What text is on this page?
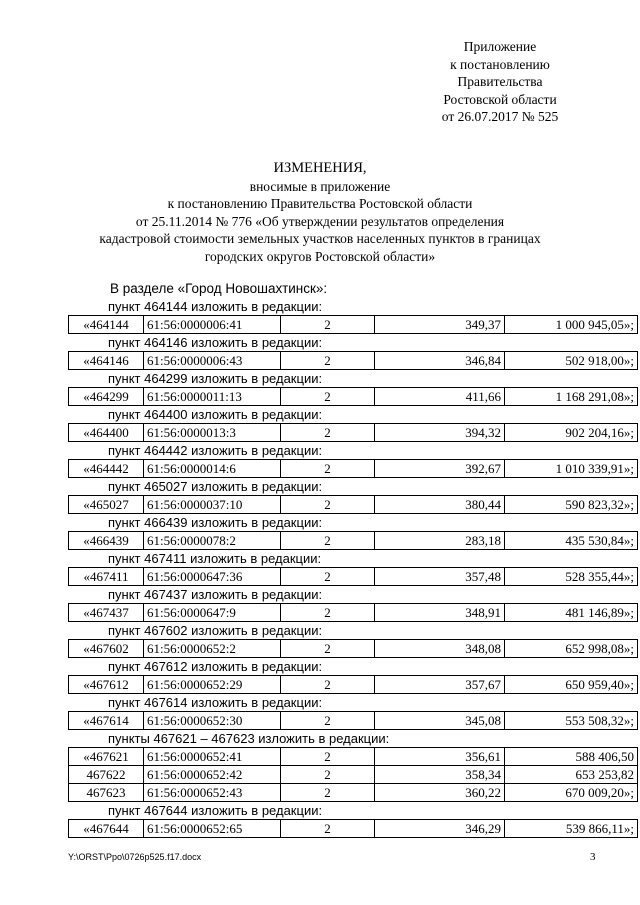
Приложение
к постановлению
Правительства
Ростовской области
от 26.07.2017 № 525
ИЗМЕНЕНИЯ,
вносимые в приложение
к постановлению Правительства Ростовской области
от 25.11.2014 № 776 «Об утверждении результатов определения
кадастровой стоимости земельных участков населенных пунктов в границах
городских округов Ростовской области»
В разделе «Город Новошахтинск»:
пункт 464144 изложить в редакции:
«464144	61:56:0000006:41	2	349,37	1 000 945,05»;
пункт 464146 изложить в редакции:
«464146	61:56:0000006:43	2	346,84	502 918,00»;
пункт 464299 изложить в редакции:
«464299	61:56:0000011:13	2	411,66	1 168 291,08»;
пункт 464400 изложить в редакции:
«464400	61:56:0000013:3	2	394,32	902 204,16»;
пункт 464442 изложить в редакции:
«464442	61:56:0000014:6	2	392,67	1 010 339,91»;
пункт 465027 изложить в редакции:
«465027	61:56:0000037:10	2	380,44	590 823,32»;
пункт 466439 изложить в редакции:
«466439	61:56:0000078:2	2	283,18	435 530,84»;
пункт 467411 изложить в редакции:
«467411	61:56:0000647:36	2	357,48	528 355,44»;
пункт 467437 изложить в редакции:
«467437	61:56:0000647:9	2	348,91	481 146,89»;
пункт 467602 изложить в редакции:
«467602	61:56:0000652:2	2	348,08	652 998,08»;
пункт 467612 изложить в редакции:
«467612	61:56:0000652:29	2	357,67	650 959,40»;
пункт 467614 изложить в редакции:
«467614	61:56:0000652:30	2	345,08	553 508,32»;
пункты 467621 – 467623 изложить в редакции:
«467621	61:56:0000652:41	2	356,61	588 406,50
467622	61:56:0000652:42	2	358,34	653 253,82
467623	61:56:0000652:43	2	360,22	670 009,20»;
пункт 467644 изложить в редакции:
«467644	61:56:0000652:65	2	346,29	539 866,11»;
Y:\ORST\Ppo\0726p525.f17.docx	3
